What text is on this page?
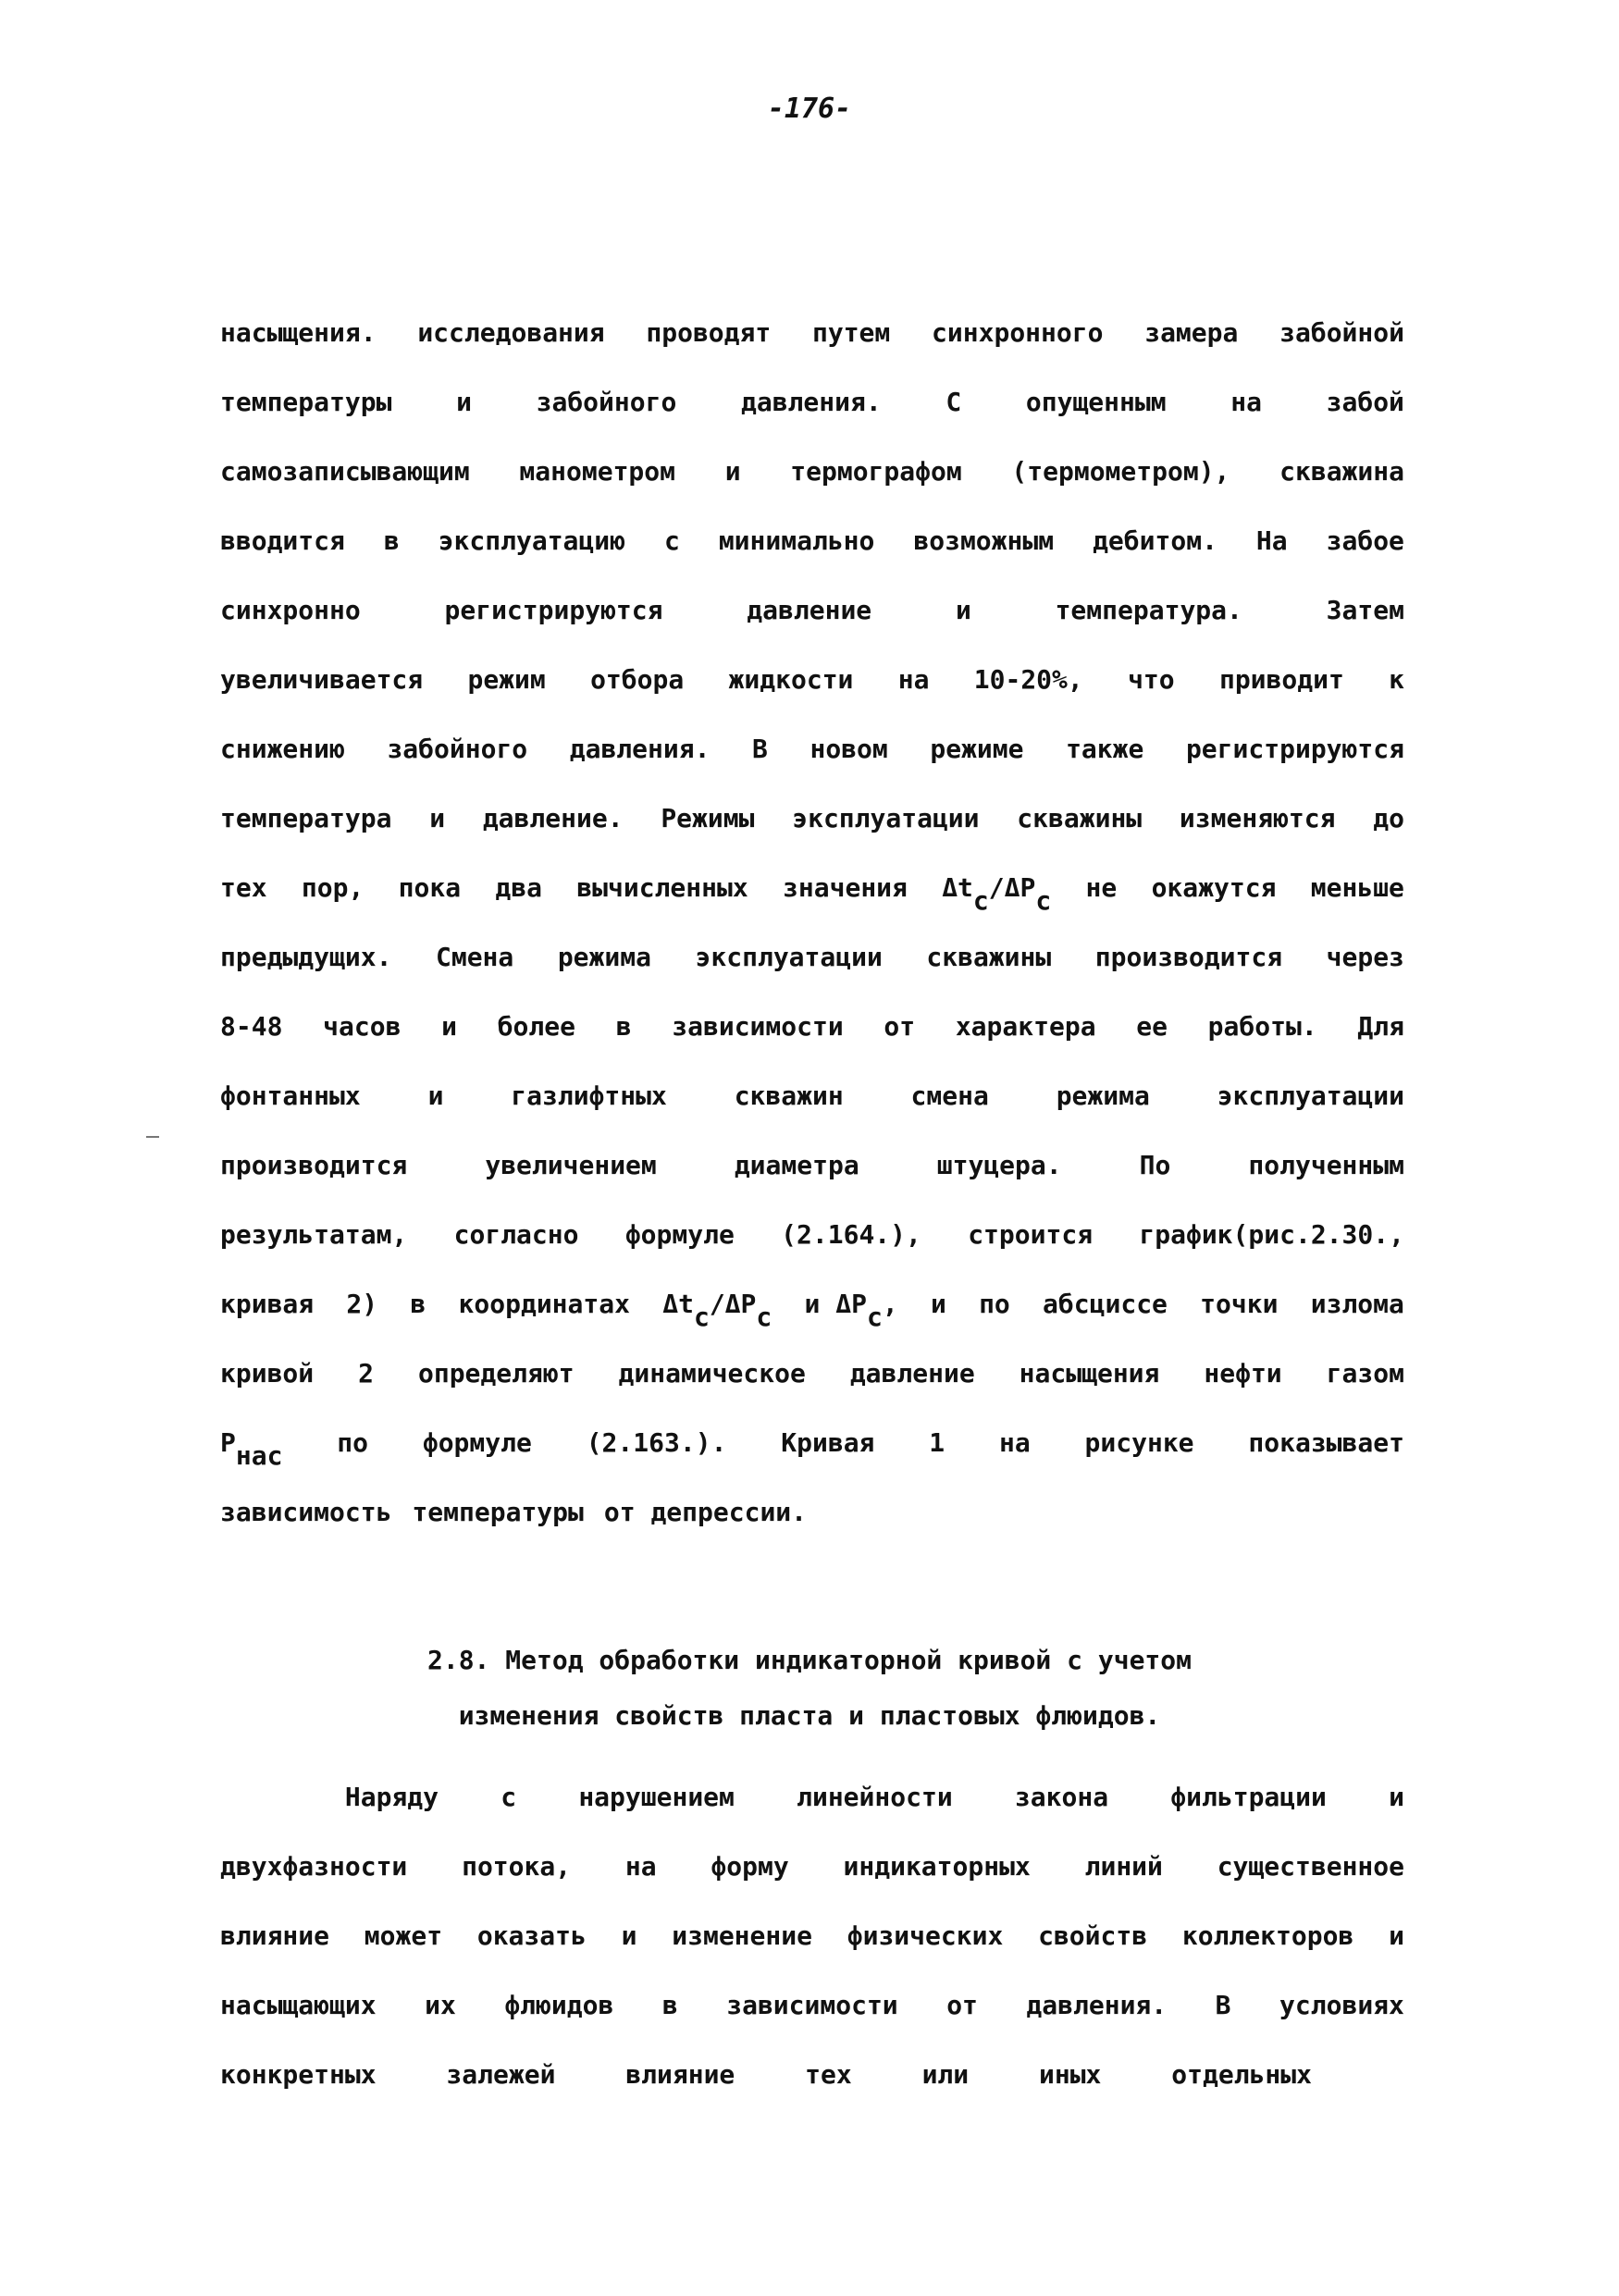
-176-
насыщения. исследования проводят путем синхронного замера забойной
температуры и забойного давления. С опущенным на забой
самозаписывающим манометром и термографом (термометром), скважина
вводится в эксплуатацию с минимально возможным дебитом. На забое
синхронно	регистрируются	давление	и	температура.	Затем
увеличивается режим отбора жидкости на 10-20%, что приводит к
снижению забойного давления. В новом режиме также регистрируются
температура и давление. Режимы эксплуатации скважины изменяются до
тех пор, пока два вычисленных значения Δtc/ΔPc не окажутся меньше
предыдущих. Смена режима эксплуатации скважины производится через
8-48 часов и более в зависимости от характера ее работы. Для
фонтанных	и	газлифтных	скважин	смена	режима	эксплуатации
производится	увеличением	диаметра	штуцера.	По	полученным
результатам, согласно формуле (2.164.), строится график(рис.2.30.,
кривая 2) в координатах Δtc/ΔPc и ΔPc, и по абсциссе точки излома
кривой 2 определяют динамическое давление насыщения нефти газом
Pнас по формуле (2.163.). Кривая 1 на рисунке показывает
зависимость температуры от депрессии.
2.8. Метод обработки индикаторной кривой с учетом
изменения свойств пласта и пластовых флюидов.
Наряду с нарушением линейности закона фильтрации и
двухфазности потока, на форму индикаторных линий существенное
влияние может оказать и изменение физических свойств коллекторов и
насыщающих их флюидов в зависимости от давления. В условиях
конкретных	залежей	влияние	тех	или	иных	отдельных
